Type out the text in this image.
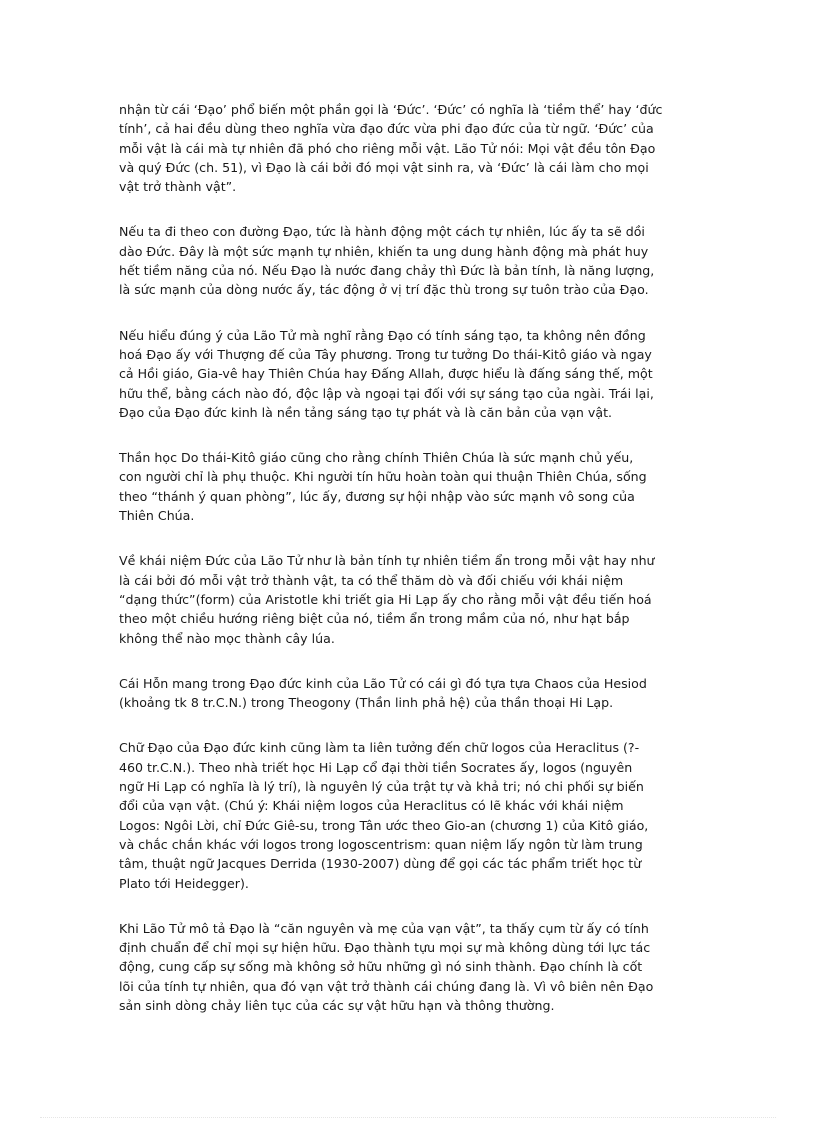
nhận từ cái ‘Đạo’ phổ biến một phần gọi là ‘Đức’. ‘Đức’ có nghĩa là ‘tiềm thể’ hay ‘đức
tính’, cả hai đều dùng theo nghĩa vừa đạo đức vừa phi đạo đức của từ ngữ. ‘Đức’ của
mỗi vật là cái mà tự nhiên đã phó cho riêng mỗi vật. Lão Tử nói: Mọi vật đều tôn Đạo
và quý Đức (ch. 51), vì Đạo là cái bởi đó mọi vật sinh ra, và ‘Đức’ là cái làm cho mọi
vật trở thành vật”.

Nếu ta đi theo con đường Đạo, tức là hành động một cách tự nhiên, lúc ấy ta sẽ dồi
dào Đức. Đây là một sức mạnh tự nhiên, khiến ta ung dung hành động mà phát huy
hết tiềm năng của nó. Nếu Đạo là nước đang chảy thì Đức là bản tính, là năng lượng,
là sức mạnh của dòng nước ấy, tác động ở vị trí đặc thù trong sự tuôn trào của Đạo.

Nếu hiểu đúng ý của Lão Tử mà nghĩ rằng Đạo có tính sáng tạo, ta không nên đồng
hoá Đạo ấy với Thượng đế của Tây phương. Trong tư tưởng Do thái-Kitô giáo và ngay
cả Hồi giáo, Gia-vê hay Thiên Chúa hay Đấng Allah, được hiểu là đấng sáng thế, một
hữu thể, bằng cách nào đó, độc lập và ngoại tại đối với sự sáng tạo của ngài. Trái lại,
Đạo của Đạo đức kinh là nền tảng sáng tạo tự phát và là căn bản của vạn vật.

Thần học Do thái-Kitô giáo cũng cho rằng chính Thiên Chúa là sức mạnh chủ yếu,
con người chỉ là phụ thuộc. Khi người tín hữu hoàn toàn qui thuận Thiên Chúa, sống
theo “thánh ý quan phòng”, lúc ấy, đương sự hội nhập vào sức mạnh vô song của
Thiên Chúa.

Về khái niệm Đức của Lão Tử như là bản tính tự nhiên tiềm ẩn trong mỗi vật hay như
là cái bởi đó mỗi vật trở thành vật, ta có thể thăm dò và đối chiếu với khái niệm
“dạng thức”(form) của Aristotle khi triết gia Hi Lạp ấy cho rằng mỗi vật đều tiến hoá
theo một chiều hướng riêng biệt của nó, tiềm ẩn trong mầm của nó, như hạt bắp
không thể nào mọc thành cây lúa.

Cái Hỗn mang trong Đạo đức kinh của Lão Tử có cái gì đó tựa tựa Chaos của Hesiod
(khoảng tk 8 tr.C.N.) trong Theogony (Thần linh phả hệ) của thần thoại Hi Lạp.

Chữ Đạo của Đạo đức kinh cũng làm ta liên tưởng đến chữ logos của Heraclitus (?-
460 tr.C.N.). Theo nhà triết học Hi Lạp cổ đại thời tiền Socrates ấy, logos (nguyên
ngữ Hi Lạp có nghĩa là lý trí), là nguyên lý của trật tự và khả tri; nó chi phối sự biến
đổi của vạn vật. (Chú ý: Khái niệm logos của Heraclitus có lẽ khác với khái niệm
Logos: Ngôi Lời, chỉ Đức Giê-su, trong Tân ước theo Gio-an (chương 1) của Kitô giáo,
và chắc chắn khác với logos trong logoscentrism: quan niệm lấy ngôn từ làm trung
tâm, thuật ngữ Jacques Derrida (1930-2007) dùng để gọi các tác phẩm triết học từ
Plato tới Heidegger).

Khi Lão Tử mô tả Đạo là “căn nguyên và mẹ của vạn vật”, ta thấy cụm từ ấy có tính
định chuẩn để chỉ mọi sự hiện hữu. Đạo thành tựu mọi sự mà không dùng tới lực tác
động, cung cấp sự sống mà không sở hữu những gì nó sinh thành. Đạo chính là cốt
lõi của tính tự nhiên, qua đó vạn vật trở thành cái chúng đang là. Vì vô biên nên Đạo
sản sinh dòng chảy liên tục của các sự vật hữu hạn và thông thường.
